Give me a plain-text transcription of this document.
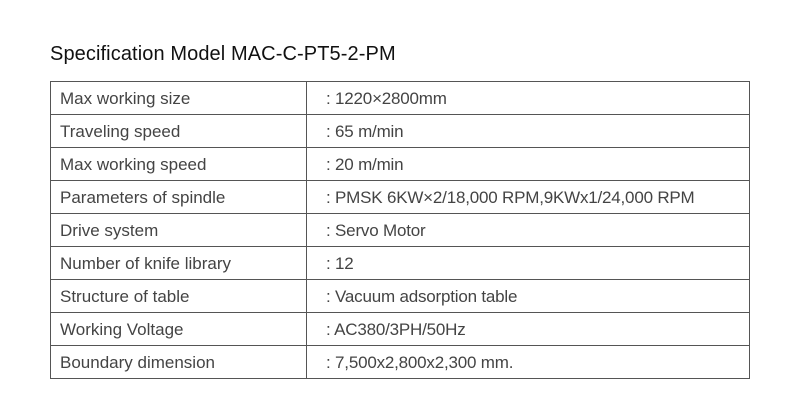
Specification Model MAC-C-PT5-2-PM
Max working size	: 1220×2800mm
Traveling speed	: 65 m/min
Max working speed	: 20 m/min
Parameters of spindle	: PMSK 6KW×2/18,000 RPM,9KWx1/24,000 RPM
Drive system	: Servo Motor
Number of knife library	: 12
Structure of table	: Vacuum adsorption table
Working Voltage	: AC380/3PH/50Hz
Boundary dimension	: 7,500x2,800x2,300 mm.
